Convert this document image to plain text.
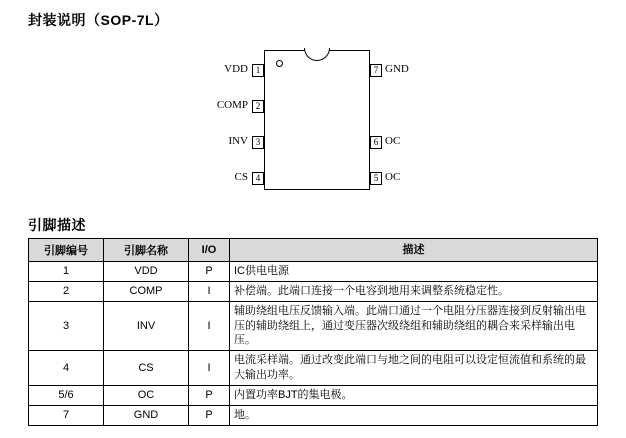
封装说明（SOP-7L）
1
2
3
4
7
6
5
VDD
COMP
INV
CS
GND
OC
OC
引脚描述
引脚编号	引脚名称	I/O	描述
1	VDD	P	IC供电电源
2	COMP	I	补偿端。此端口连接一个电容到地用来调整系统稳定性。
3	INV	I	辅助绕组电压反馈输入端。此端口通过一个电阻分压器连接到反射输出电压的辅助绕组上，通过变压器次级绕组和辅助绕组的耦合来采样输出电压。
4	CS	I	电流采样端。通过改变此端口与地之间的电阻可以设定恒流值和系统的最大输出功率。
5/6	OC	P	内置功率BJT的集电极。
7	GND	P	地。
